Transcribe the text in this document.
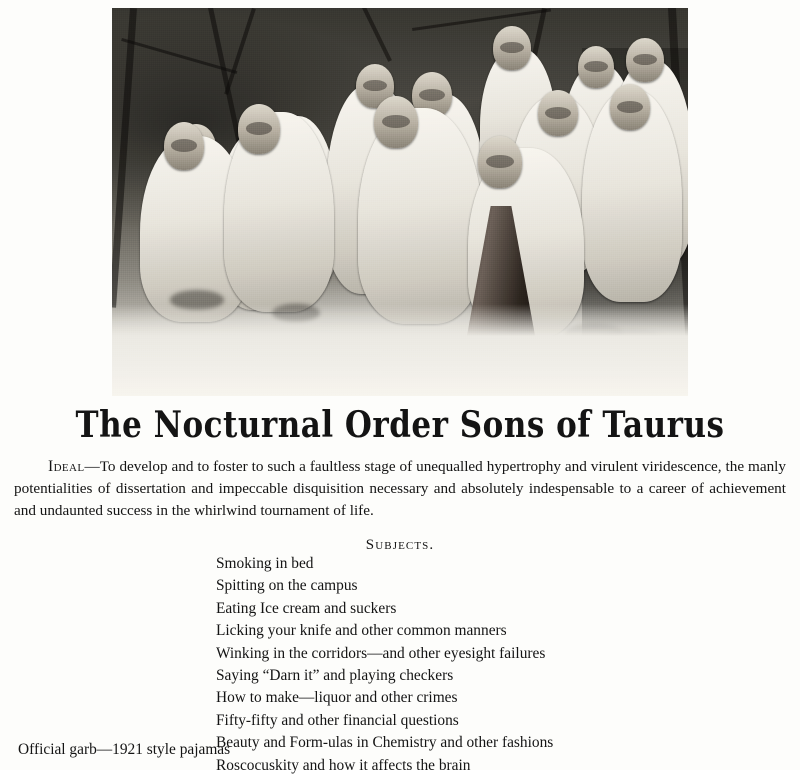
The Nocturnal Order Sons of Taurus
Ideal—To develop and to foster to such a faultless stage of unequalled hypertrophy and virulent viridescence, the manly potentialities of dissertation and impeccable disquisition necessary and absolutely indespensable to a career of achievement and undaunted success in the whirlwind tournament of life.
Subjects.
Smoking in bed
Spitting on the campus
Eating Ice cream and suckers
Licking your knife and other common manners
Winking in the corridors—and other eyesight failures
Saying “Darn it” and playing checkers
How to make—liquor and other crimes
Fifty-fifty and other financial questions
Beauty and Form-ulas in Chemistry and other fashions
Roscocuskity and how it affects the brain
Official garb—1921 style pajamas
